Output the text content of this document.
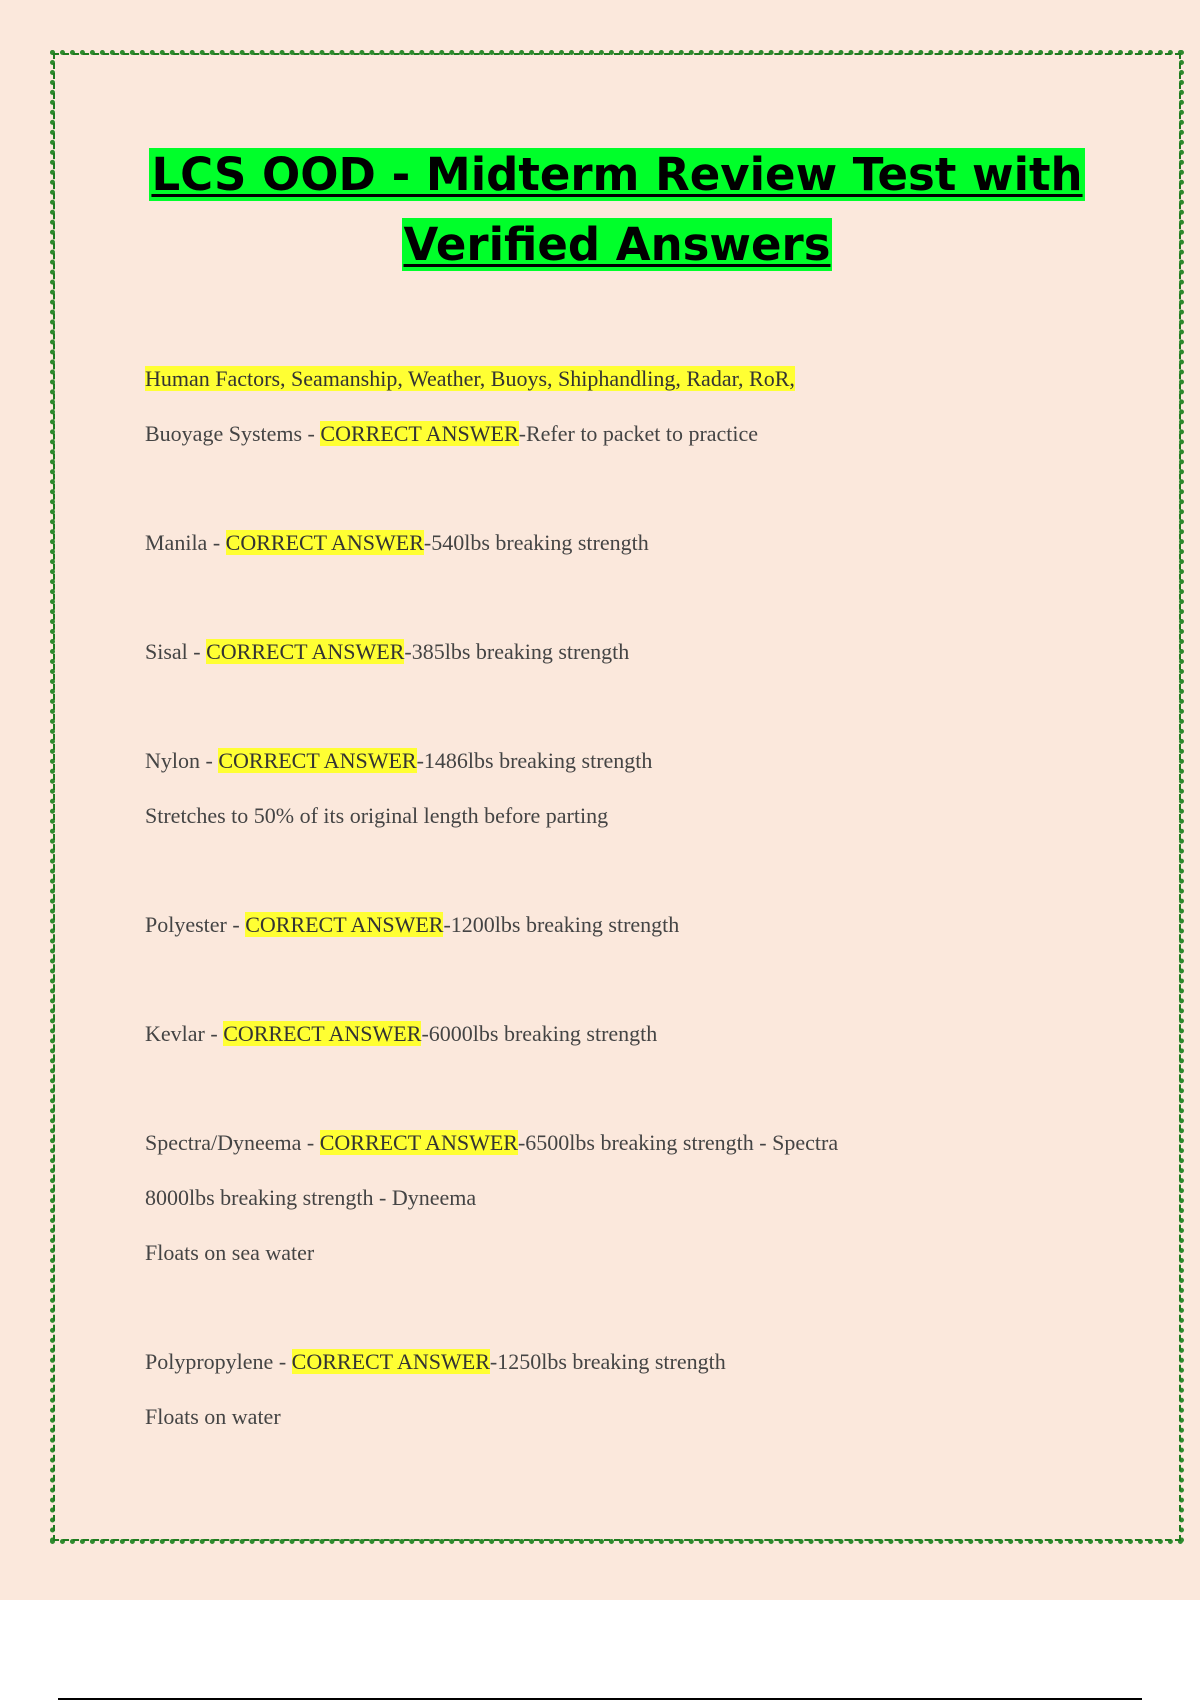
LCS OOD - Midterm Review Test with
Verified Answers
Human Factors, Seamanship, Weather, Buoys, Shiphandling, Radar, RoR,
Buoyage Systems - CORRECT ANSWER-Refer to packet to practice
Manila - CORRECT ANSWER-540lbs breaking strength
Sisal - CORRECT ANSWER-385lbs breaking strength
Nylon - CORRECT ANSWER-1486lbs breaking strength
Stretches to 50% of its original length before parting
Polyester - CORRECT ANSWER-1200lbs breaking strength
Kevlar - CORRECT ANSWER-6000lbs breaking strength
Spectra/Dyneema - CORRECT ANSWER-6500lbs breaking strength - Spectra
8000lbs breaking strength - Dyneema
Floats on sea water
Polypropylene - CORRECT ANSWER-1250lbs breaking strength
Floats on water
